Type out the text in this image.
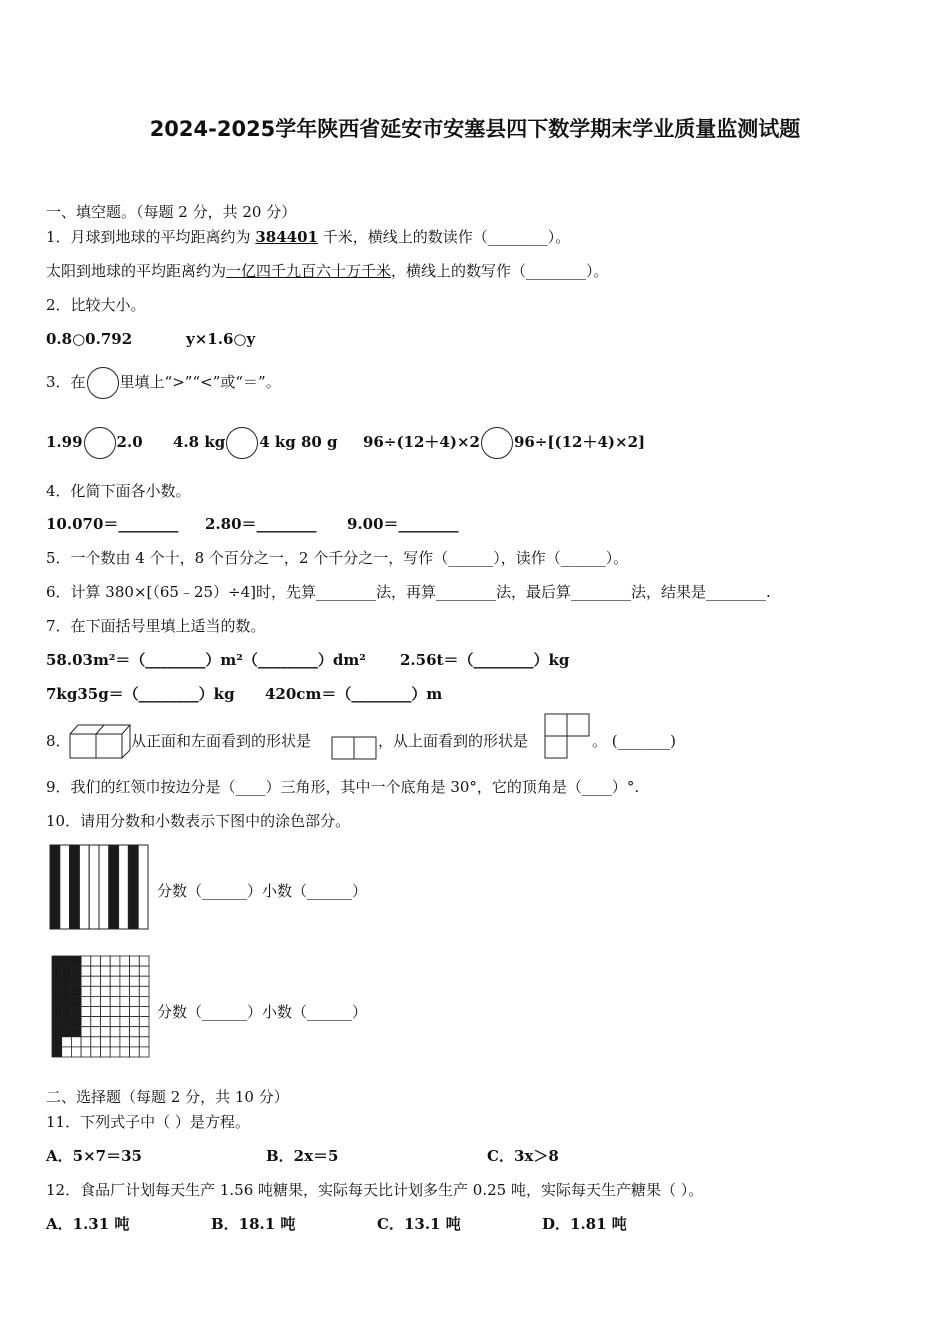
2024-2025学年陕西省延安市安塞县四下数学期末学业质量监测试题
一、填空题。（每题 2 分，共 20 分）
1．月球到地球的平均距离约为 384401 千米，横线上的数读作（________）。
太阳到地球的平均距离约为一亿四千九百六十万千米，横线上的数写作（________）。
2．比较大小。
0.8○0.792	y×1.6○y
3．在 里填上“>”“<”或“＝”。
1.99 2.0 4.8 kg 4 kg 80 g 96÷(12＋4)×2 96÷[(12＋4)×2]
4．化简下面各小数。
10.070＝________ 2.80＝________ 9.00＝________
5．一个数由 4 个十，8 个百分之一，2 个千分之一，写作（______），读作（______）。
6．计算 380×[（65﹣25）÷4]时，先算________法，再算________法，最后算________法，结果是________.
7．在下面括号里填上适当的数。
58.03m²＝（________）m²（________）dm² 2.56t＝（________）kg
7kg35g＝（________）kg 420cm＝（________）m
8．	从正面和左面看到的形状是	，从上面看到的形状是	。 (_______)
9．我们的红领巾按边分是（____）三角形，其中一个底角是 30°，它的顶角是（____）°.
10．请用分数和小数表示下图中的涂色部分。
分数（______）小数（______）
分数（______）小数（______）
二、选择题（每题 2 分，共 10 分）
11．下列式子中（ ）是方程。
A．5×7＝35	B．2x＝5	C．3x＞8
12．食品厂计划每天生产 1.56 吨糖果，实际每天比计划多生产 0.25 吨，实际每天生产糖果（ ）。
A．1.31 吨	B．18.1 吨	C．13.1 吨	D．1.81 吨
